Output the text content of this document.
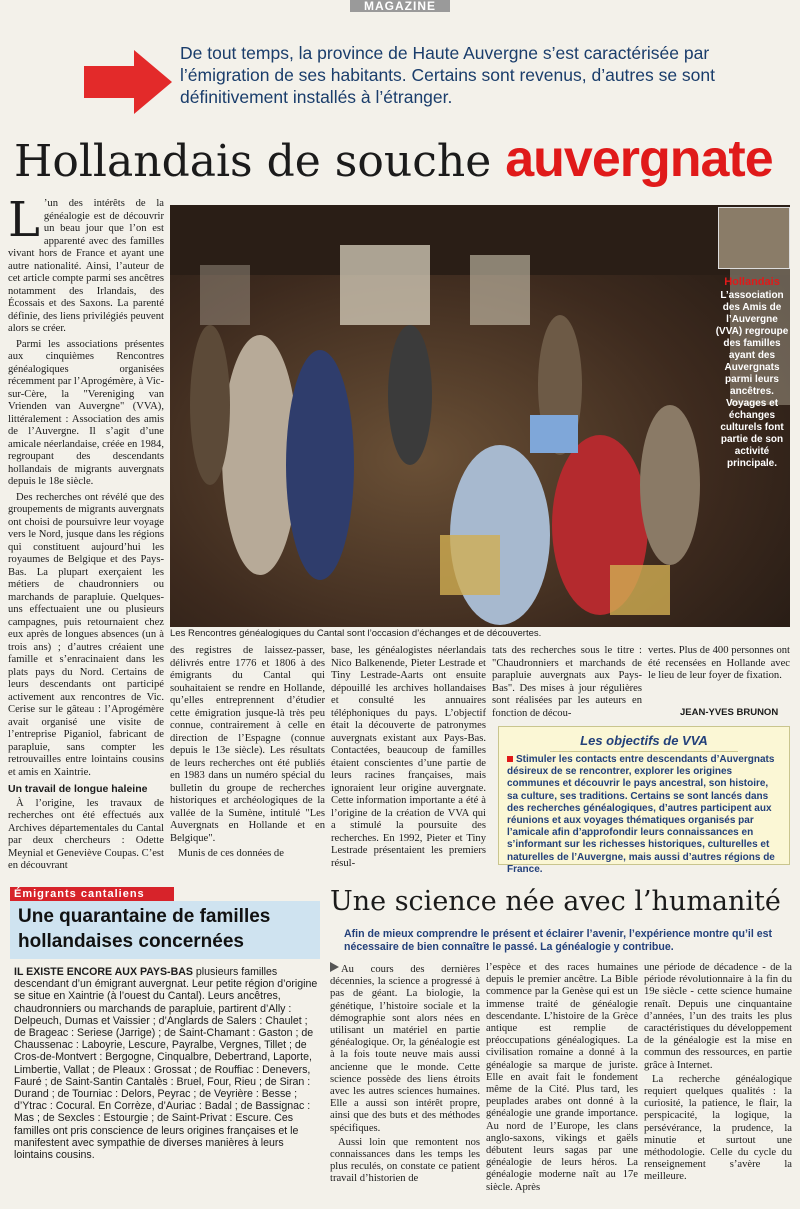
MAGAZINE
De tout temps, la province de Haute Auvergne s’est caractérisée par l’émigration de ses habitants. Certains sont revenus, d’autres se sont définitivement installés à l’étranger.
Hollandais de souche auvergnate

L ’un des intérêts de la généalogie est de découvrir un beau jour que l’on est apparenté avec des familles vivant hors de France et ayant une autre nationalité. Ainsi, l’auteur de cet article compte parmi ses ancêtres notamment des Irlandais, des Écossais et des Saxons. La parenté définie, des liens privilégiés peuvent alors se créer.

Parmi les associations présentes aux cinquièmes Rencontres généalogiques organisées récemment par l’Aprogémère, à Vic-sur-Cère, la "Vereniging van Vrienden van Auvergne" (VVA), littéralement : Association des amis de l’Auvergne. Il s’agit d’une amicale néerlandaise, créée en 1984, regroupant des descendants hollandais de migrants auvergnats depuis le 18e siècle.

Des recherches ont révélé que des groupements de migrants auvergnats ont choisi de poursuivre leur voyage vers le Nord, jusque dans les régions qui constituent aujourd’hui les royaumes de Belgique et des Pays-Bas. La plupart exerçaient les métiers de chaudronniers ou marchands de parapluie. Quelques-uns effectuaient une ou plusieurs campagnes, puis retournaient chez eux après de longues absences (un à trois ans) ; d’autres créaient une famille et s’enracinaient dans les plats pays du Nord. Certains de leurs descendants ont participé activement aux rencontres de Vic. Cerise sur le gâteau : l’Aprogémère avait organisé une visite de l’entreprise Piganiol, fabricant de parapluie, sans compter les retrouvailles entre lointains cousins et amis en Xaintrie.

Un travail de longue haleine

À l’origine, les travaux de recherches ont été effectués aux Archives départementales du Cantal par deux chercheurs : Odette Meynial et Geneviève Coupas. C’est en découvrant

Hollandais
L’association des Amis de l’Auvergne (VVA) regroupe des familles ayant des Auvergnats parmi leurs ancêtres. Voyages et échanges culturels font partie de son activité principale.
Les Rencontres généalogiques du Cantal sont l’occasion d’échanges et de découvertes.

des registres de laissez-passer, délivrés entre 1776 et 1806 à des émigrants du Cantal qui souhaitaient se rendre en Hollande, qu’elles entreprennent d’étudier cette émigration jusque-là très peu connue, contrairement à celle en direction de l’Espagne (connue depuis le 13e siècle). Les résultats de leurs recherches ont été publiés en 1983 dans un numéro spécial du bulletin du groupe de recherches historiques et archéologiques de la vallée de la Sumène, intitulé "Les Auvergnats en Hollande et en Belgique".

Munis de ces données de

base, les généalogistes néerlandais Nico Balkenende, Pieter Lestrade et Tiny Lestrade-Aarts ont ensuite dépouillé les archives hollandaises et consulté les annuaires téléphoniques du pays. L’objectif était la découverte de patronymes auvergnats existant aux Pays-Bas. Contactées, beaucoup de familles étaient conscientes d’une partie de leurs racines françaises, mais ignoraient leur origine auvergnate. Cette information importante a été à l’origine de la création de VVA qui a stimulé la poursuite des recherches. En 1992, Pieter et Tiny Lestrade présentaient les premiers résul-

tats des recherches sous le titre : "Chaudronniers et marchands de parapluie auvergnats aux Pays-Bas". Des mises à jour régulières sont réalisées par les auteurs en fonction de décou-

vertes. Plus de 400 personnes ont été recensées en Hollande avec le lieu de leur foyer de fixation.

JEAN-YVES BRUNON
Les objectifs de VVA
Stimuler les contacts entre descendants d’Auvergnats désireux de se rencontrer, explorer les origines communes et découvrir le pays ancestral, son histoire, sa culture, ses traditions. Certains se sont lancés dans des recherches généalogiques, d’autres participent aux réunions et aux voyages thématiques organisés par l’amicale afin d’approfondir leurs connaissances en s’informant sur les richesses historiques, culturelles et naturelles de l’Auvergne, mais aussi d’autres régions de France.
Émigrants cantaliens
Une quarantaine de familles hollandaises concernées
IL EXISTE ENCORE AUX PAYS-BAS plusieurs familles descendant d’un émigrant auvergnat. Leur petite région d’origine se situe en Xaintrie (à l’ouest du Cantal). Leurs ancêtres, chaudronniers ou marchands de parapluie, partirent d’Ally : Delpeuch, Dumas et Vaissier ; d’Anglards de Salers : Chaulet ; de Brageac : Seriese (Jarrige) ; de Saint-Chamant : Gaston ; de Chaussenac : Laboyrie, Lescure, Payralbe, Vergnes, Tillet ; de Cros-de-Montvert : Bergogne, Cinqualbre, Debertrand, Laporte, Limbertie, Vallat ; de Pleaux : Grossat ; de Rouffiac : Denevers, Fauré ; de Saint-Santin Cantalès : Bruel, Four, Rieu ; de Siran : Durand ; de Tourniac : Delors, Peyrac ; de Veyrière : Besse ; d’Ytrac : Cocural. En Corrèze, d’Auriac : Badal ; de Bassignac : Mas ; de Sexcles : Estourgie ; de Saint-Privat : Escure. Ces familles ont pris conscience de leurs origines françaises et le manifestent avec sympathie de diverses manières à leurs lointains cousins.
Une science née avec l’humanité
Afin de mieux comprendre le présent et éclairer l’avenir, l’expérience montre qu’il est nécessaire de bien connaître le passé. La généalogie y contribue.

Au cours des dernières décennies, la science a progressé à pas de géant. La biologie, la génétique, l’histoire sociale et la démographie sont alors nées en utilisant un matériel en partie généalogique. Or, la généalogie est à la fois toute neuve mais aussi ancienne que le monde. Cette science possède des liens étroits avec les autres sciences humaines. Elle a aussi son intérêt propre, ainsi que des buts et des méthodes spécifiques.

Aussi loin que remontent nos connaissances dans les temps les plus reculés, on constate ce patient travail d’historien de

l’espèce et des races humaines depuis le premier ancêtre. La Bible commence par la Genèse qui est un immense traité de généalogie descendante. L’histoire de la Grèce antique est remplie de préoccupations généalogiques. La civilisation romaine a donné à la généalogie sa marque de juriste. Elle en avait fait le fondement même de la Cité. Plus tard, les peuplades arabes ont donné à la généalogie une grande importance. Au nord de l’Europe, les clans anglo-saxons, vikings et gaëls débutent leurs sagas par une généalogie de leurs héros. La généalogie moderne naît au 17e siècle. Après

une période de décadence - de la période révolutionnaire à la fin du 19e siècle - cette science humaine renaît. Depuis une cinquantaine d’années, l’un des traits les plus caractéristiques du développement de la généalogie est la mise en commun des ressources, en partie grâce à Internet.

La recherche généalogique requiert quelques qualités : la curiosité, la patience, le flair, la perspicacité, la logique, la persévérance, la prudence, la minutie et surtout une méthodologie. Celle du cycle du renseignement s’avère la meilleure.
